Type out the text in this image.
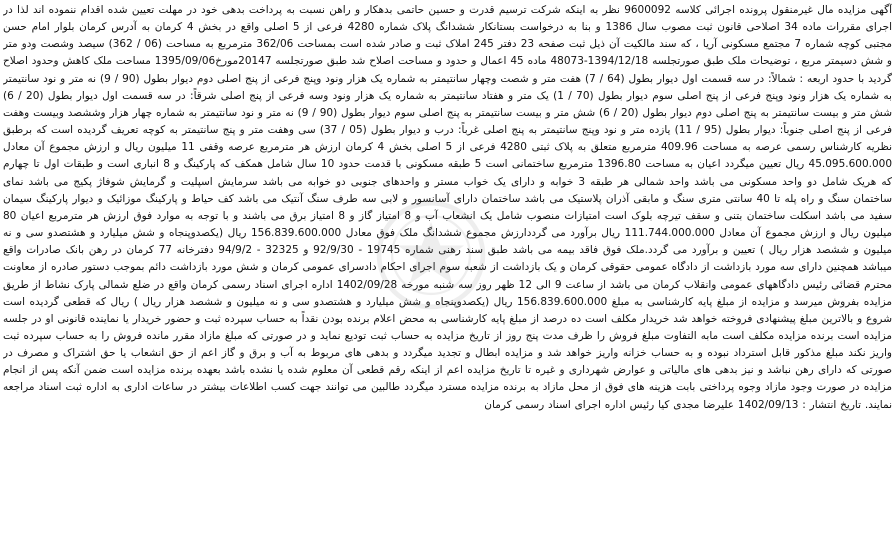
آگهی مزایده مال غیرمنقول پرونده اجرائی کلاسه 9600092 نظر به اینکه شرکت ترسیم قدرت و حسین حاتمی بدهکار و راهن نسبت به پرداخت بدهی خود در مهلت تعیین شده اقدام ننموده اند لذا در اجرای مقررات ماده 34 اصلاحی قانون ثبت مصوب سال 1386 و بنا به درخواست بستانکار ششدانگ پلاک شماره 4280 فرعی از 5 اصلی واقع در بخش 4 کرمان به آدرس کرمان بلوار امام حسن مجتبی کوچه شماره 7 مجتمع مسکونی آریا ، که سند مالکیت آن ذیل ثبت صفحه 23 دفتر 245 املاک ثبت و صادر شده است بمساحت 362/06 مترمربع به مساحت (06 / 362) سیصد وشصت ودو متر و شش دسیمتر مربع ، توضیحات ملک طبق صورتجلسه 1394/12/18-48073 ماده 45 اعمال و حدود و مساحت اصلاح شد طبق صورتجلسه 20147مورخ1395/09/06 مساحت ملک کاهش وحدود اصلاح گردید با حدود اربعه : شمالاً: در سه قسمت اول دیوار بطول (64 / 7) هفت متر و شصت وچهار سانتیمتر به شماره یک هزار ونود وپنج فرعی از پنج اصلی دوم دیوار بطول (90 / 9) نه متر و نود سانتیمتر به شماره یک هزار ونود وپنج فرعی از پنج اصلی سوم دیوار بطول (70 / 1) یک متر و هفتاد سانتیمتر به شماره یک هزار ونود وسه فرعی از پنج اصلی شرقاً: در سه قسمت اول دیوار بطول (20 / 6) شش متر و بیست سانتیمتر به پنج اصلی دوم دیوار بطول (20 / 6) شش متر و بیست سانتیمتر به پنج اصلی سوم دیوار بطول (90 / 9) نه متر و نود سانتیمتر به شماره چهار هزار وششصد وبیست وهفت فرعی از پنج اصلی جنوباً: دیوار بطول (95 / 11) یازده متر و نود وپنج سانتیمتر به پنج اصلی غرباً: درب و دیوار بطول (05 / 37) سی وهفت متر و پنج سانتیمتر به کوچه تعریف گردیده است که برطبق نظریه کارشناس رسمی عرصه به مساحت 409.96 مترمربع متعلق به پلاک ثبتی 4280 فرعی از 5 اصلی بخش 4 کرمان ارزش هر مترمربع عرصه وقفی 11 میلیون ریال و ارزش مجموع آن معادل 45.095.600.000 ریال تعیین میگردد اعیان به مساحت 1396.80 مترمربع ساختمانی است 5 طبقه مسکونی با قدمت حدود 10 سال شامل همکف که پارکینگ و 8 انباری است و طبقات اول تا چهارم که هریک شامل دو واحد مسکونی می باشد واحد شمالی هر طبقه 3 خوابه و دارای یک خواب مستر و واحدهای جنوبی دو خوابه می باشد سرمایش اسپلیت و گرمایش شوفاژ پکیج می باشد نمای ساختمان سنگ و راه پله تا 40 سانتی متری سنگ و مابقی آذران پلاستیک می باشد ساختمان دارای آسانسور و لابی سه طرف سنگ آنتیک می باشد کف حیاط و پارکینگ موزائیک و دیوار پارکینگ سیمان سفید می باشد اسکلت ساختمان بتنی و سقف تیرچه بلوک است امتیازات منصوب شامل یک انشعاب آب و 8 امتیاز گاز و 8 امتیاز برق می باشند و با توجه به موارد فوق ارزش هر مترمربع اعیان 80 میلیون ریال و ارزش مجموع آن معادل 111.744.000.000 ریال برآورد می گرددارزش مجموع ششدانگ ملک فوق معادل 156.839.600.000 ریال (یکصدوپنجاه و شش میلیارد و هشتصدو سی و نه میلیون و ششصد هزار ریال ) تعیین و برآورد می گردد.ملک فوق فاقد بیمه می باشد طبق سند رهنی شماره 19745 - 92/9/30 و 32325 - 94/9/2 دفترخانه 77 کرمان در رهن بانک صادرات واقع میباشد همچنین دارای سه مورد بازداشت از دادگاه عمومی حقوقی کرمان و یک بازداشت از شعبه سوم اجرای احکام دادسرای عمومی کرمان و شش مورد بازداشت دائم بموجب دستور صادره از معاونت محترم قضائی رئیس دادگاههای عمومی وانقلاب کرمان می باشد از ساعت 9 الی 12 ظهر روز سه شنبه مورخه 1402/09/28 اداره اجرای اسناد رسمی کرمان واقع در ضلع شمالی پارک نشاط از طریق مزایده بفروش میرسد و مزایده از مبلغ پایه کارشناسی به مبلغ 156.839.600.000 ریال (یکصدوپنجاه و شش میلیارد و هشتصدو سی و نه میلیون و ششصد هزار ریال ) ریال که قطعی گردیده است شروع و بالاترین مبلغ پیشنهادی فروخته خواهد شد خریدار مکلف است ده درصد از مبلغ پایه کارشناسی به محض اعلام برنده بودن نقداً به حساب سپرده ثبت و حضور خریدار یا نماینده قانونی او در جلسه مزایده است برنده مزایده مکلف است مابه التفاوت مبلغ فروش را ظرف مدت پنج روز از تاریخ مزایده به حساب ثبت تودیع نماید و در صورتی که مبلغ مازاد مقرر مانده فروش را به حساب سپرده ثبت واریز نکند مبلغ مذکور قابل استرداد نبوده و به حساب خزانه واریز خواهد شد و مزایده ابطال و تجدید میگردد و بدهی های مربوط به آب و برق و گاز اعم از حق انشعاب یا حق اشتراک و مصرف در صورتی که دارای رهن نباشد و نیز بدهی های مالیاتی و عوارض شهرداری و غیره تا تاریخ مزایده اعم از اینکه رقم قطعی آن معلوم شده یا نشده باشد بعهده برنده مزایده است ضمن آنکه پس از انجام مزایده در صورت وجود مازاد وجوه پرداختی بابت هزینه های فوق از محل مازاد به برنده مزایده مسترد میگردد طالبین می توانند جهت کسب اطلاعات بیشتر در ساعات اداری به اداره ثبت اسناد مراجعه نمایند. تاریخ انتشار : 1402/09/13 علیرضا مجدی کیا رئیس اداره اجرای اسناد رسمی کرمان
